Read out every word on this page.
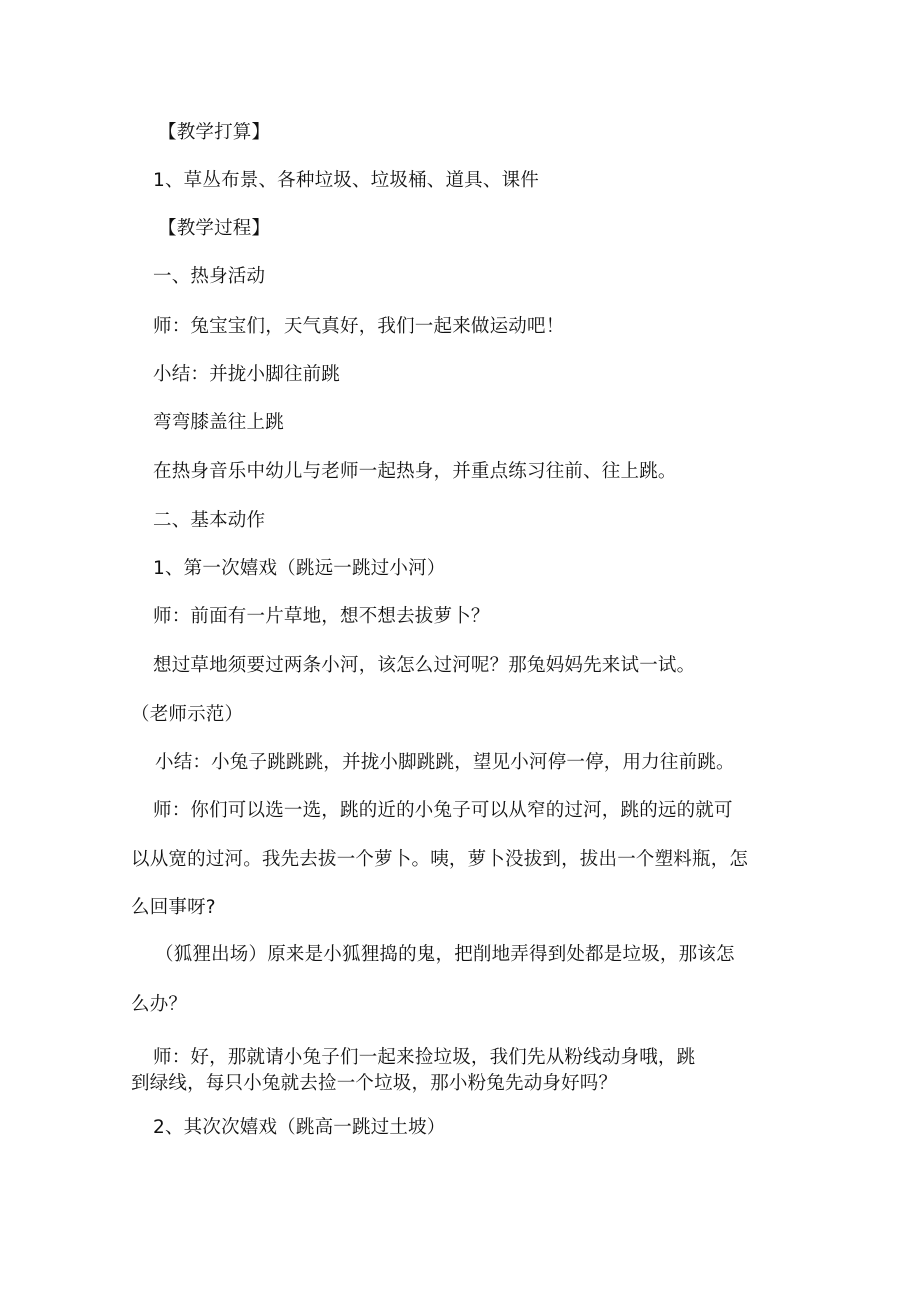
【教学打算】
1、草丛布景、各种垃圾、垃圾桶、道具、课件
【教学过程】
一、热身活动
师：兔宝宝们，天气真好，我们一起来做运动吧！
小结：并拢小脚往前跳
弯弯膝盖往上跳
在热身音乐中幼儿与老师一起热身，并重点练习往前、往上跳。
二、基本动作
1、第一次嬉戏（跳远一跳过小河）
师：前面有一片草地，想不想去拔萝卜？
想过草地须要过两条小河，该怎么过河呢？那兔妈妈先来试一试。
（老师示范）
小结：小兔子跳跳跳，并拢小脚跳跳，望见小河停一停，用力往前跳。
师：你们可以选一选，跳的近的小兔子可以从窄的过河，跳的远的就可
以从宽的过河。我先去拔一个萝卜。咦，萝卜没拔到，拔出一个塑料瓶，怎
么回事呀?
（狐狸出场）原来是小狐狸捣的鬼，把削地弄得到处都是垃圾，那该怎
么办？
师：好，那就请小兔子们一起来捡垃圾，我们先从粉线动身哦，跳
到绿线，每只小兔就去捡一个垃圾，那小粉兔先动身好吗？
2、其次次嬉戏（跳高一跳过土坡）
